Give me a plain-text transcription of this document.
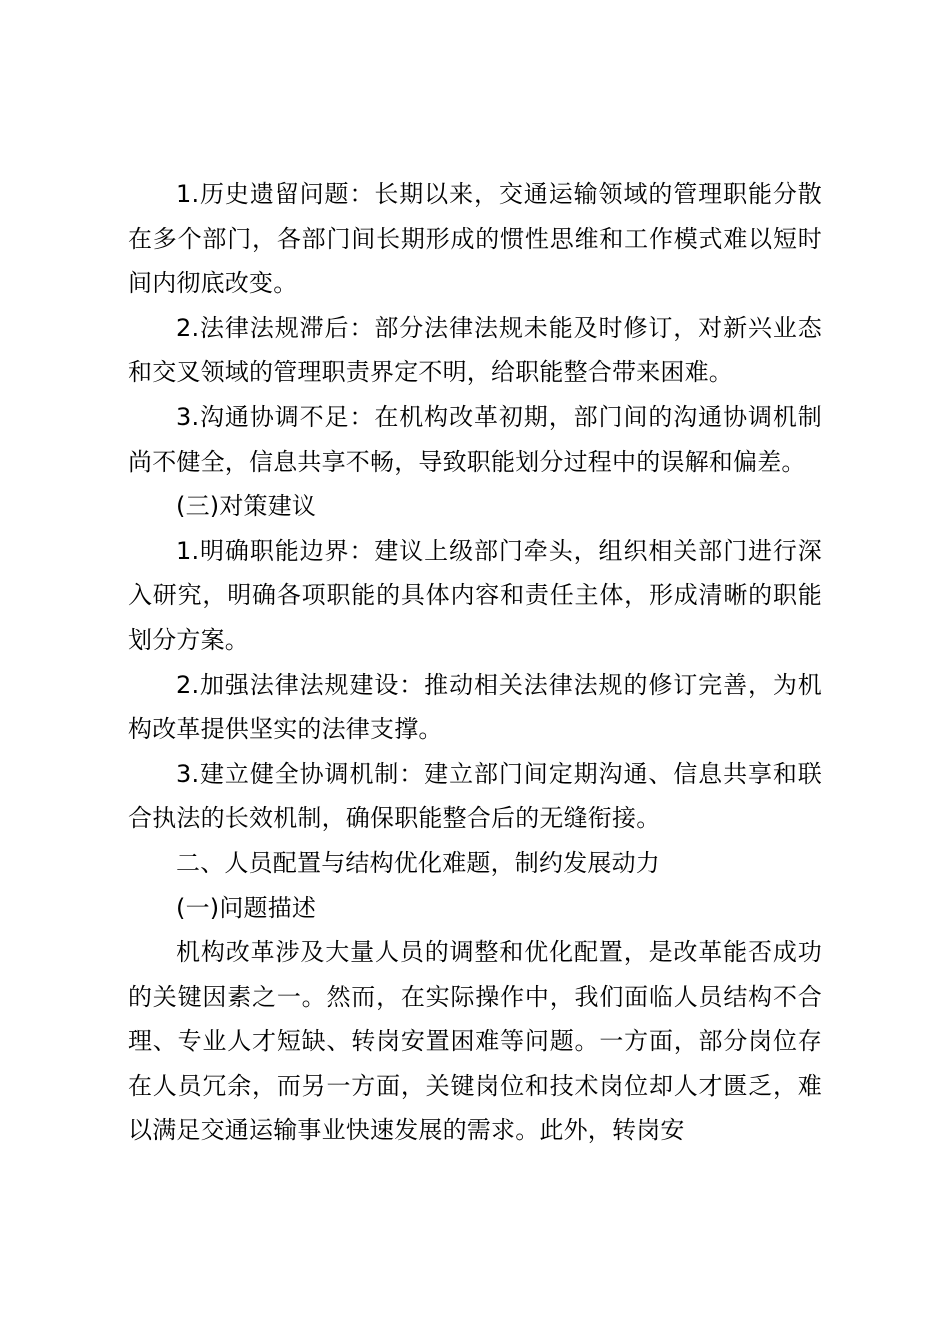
1.历史遗留问题：长期以来，交通运输领域的管理职能分散在多个部门，各部门间长期形成的惯性思维和工作模式难以短时间内彻底改变。

2.法律法规滞后：部分法律法规未能及时修订，对新兴业态和交叉领域的管理职责界定不明，给职能整合带来困难。

3.沟通协调不足：在机构改革初期，部门间的沟通协调机制尚不健全，信息共享不畅，导致职能划分过程中的误解和偏差。

(三)对策建议

1.明确职能边界：建议上级部门牵头，组织相关部门进行深入研究，明确各项职能的具体内容和责任主体，形成清晰的职能划分方案。

2.加强法律法规建设：推动相关法律法规的修订完善，为机构改革提供坚实的法律支撑。

3.建立健全协调机制：建立部门间定期沟通、信息共享和联合执法的长效机制，确保职能整合后的无缝衔接。

二、人员配置与结构优化难题，制约发展动力

(一)问题描述

机构改革涉及大量人员的调整和优化配置，是改革能否成功的关键因素之一。然而，在实际操作中，我们面临人员结构不合理、专业人才短缺、转岗安置困难等问题。一方面，部分岗位存在人员冗余，而另一方面，关键岗位和技术岗位却人才匮乏，难以满足交通运输事业快速发展的需求。此外，转岗安
